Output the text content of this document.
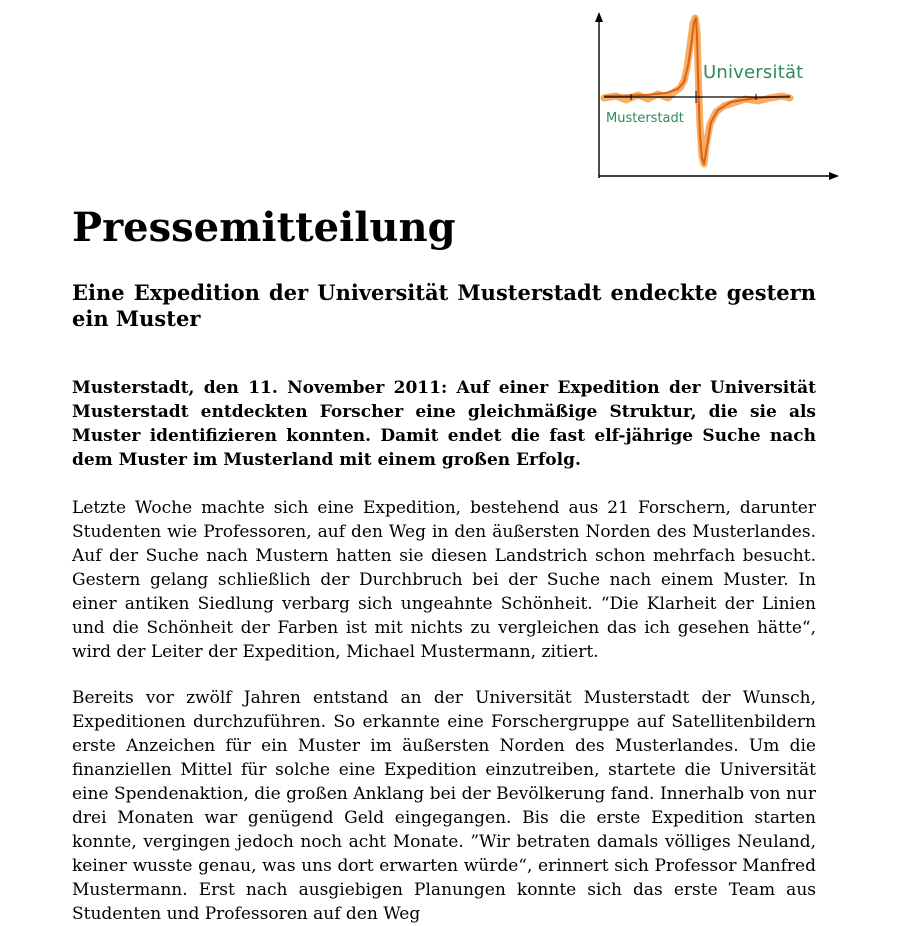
Universität
Musterstadt
Pressemitteilung
Eine Expedition der Universität Musterstadt endeckte gestern ein Muster

Musterstadt, den 11. November 2011: Auf einer Expedition der Universität Musterstadt entdeckten Forscher eine gleichmäßige Struktur, die sie als Muster identifizieren konnten. Damit endet die fast elf-jährige Suche nach dem Muster im Musterland mit einem großen Erfolg.

Letzte Woche machte sich eine Expedition, bestehend aus 21 Forschern, darunter Studenten wie Professoren, auf den Weg in den äußersten Norden des Musterlandes. Auf der Suche nach Mustern hatten sie diesen Landstrich schon mehrfach besucht. Gestern gelang schließlich der Durchbruch bei der Suche nach einem Muster. In einer antiken Siedlung verbarg sich ungeahnte Schönheit. “Die Klarheit der Linien und die Schönheit der Farben ist mit nichts zu vergleichen das ich gesehen hätte“, wird der Leiter der Expedition, Michael Mustermann, zitiert.

Bereits vor zwölf Jahren entstand an der Universität Musterstadt der Wunsch, Expeditionen durchzuführen. So erkannte eine Forschergruppe auf Satellitenbildern erste Anzeichen für ein Muster im äußersten Norden des Musterlandes. Um die finanziellen Mittel für solche eine Expedition einzutreiben, startete die Universität eine Spendenaktion, die großen Anklang bei der Bevölkerung fand. Innerhalb von nur drei Monaten war genügend Geld eingegangen. Bis die erste Expedition starten konnte, vergingen jedoch noch acht Monate. ”Wir betraten damals völliges Neuland, keiner wusste genau, was uns dort erwarten würde“, erinnert sich Professor Manfred Mustermann. Erst nach ausgiebigen Planungen konnte sich das erste Team aus Studenten und Professoren auf den Weg
